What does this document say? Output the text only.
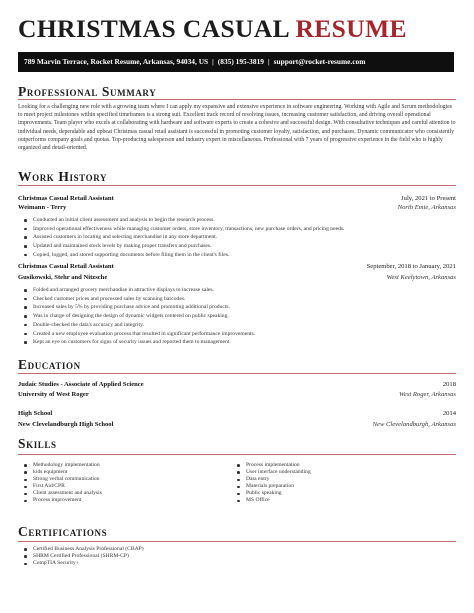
CHRISTMAS CASUAL RESUME
789 Marvin Terrace, Rocket Resume, Arkansas, 94034, US | (835) 195-3819 | support@rocket-resume.com
Professional Summary
Looking for a challenging new role with a growing team where I can apply my expansive and extensive experience in software engineering. Working with Agile and Scrum methodologies to meet project milestones within specified timeframes is a strong suit. Excellent track record of resolving issues, increasing customer satisfaction, and driving overall operational improvements. Team player who excels at collaborating with hardware and software experts to create a cohesive and successful design. With consultative techniques and careful attention to individual needs, dependable and upbeat Christmas casual retail assistant is successful in promoting customer loyalty, satisfaction, and purchases. Dynamic communicator who consistently outperforms company goals and quotas. Top-producing salesperson and industry expert in miscellaneous. Professional with 7 years of progressive experience in the field who is highly organized and detail-oriented.
Work History
Christmas Casual Retail Assistant	July, 2021 to Present
Weimann - Terry	North Emie, Arkansas
Conducted an initial client assessment and analysis to begin the research process.
Improved operational effectiveness while managing customer orders, store inventory, transactions, new purchase orders, and pricing needs.
Assisted customers in locating and selecting merchandise in any store department.
Updated and maintained stock levels by making proper transfers and purchases.
Copied, logged, and stored supporting documents before filing them in the client's files.
Christmas Casual Retail Assistant	September, 2018 to January, 2021
Gusikowski, Stehr and Nitzsche	West Keelytown, Arkansas
Folded and arranged grocery merchandise in attractive displays to increase sales.
Checked customer prices and processed sales by scanning barcodes.
Increased sales by 5% by providing purchase advice and promoting additional products.
Was in charge of designing the design of dynamic widgets centered on public speaking.
Double-checked the data's accuracy and integrity.
Created a new employee evaluation process that resulted in significant performance improvements.
Kept an eye on customers for signs of security issues and reported them to management.
Education
Judaic Studies - Associate of Applied Science	2018
University of West Roger	West Roger, Arkansas
High School	2014
New Clevelandburgh High School	New Clevelandburgh, Arkansas
Skills
Methodology implementation
kids equipment
Strong verbal communication
First Aid/CPR
Client assessment and analysis
Process improvement
Process implementation
User interface understanding
Data entry
Materials preparation
Public speaking
MS Office
Certifications
Certified Business Analysis Professional (CBAP)
SHRM Certified Professional (SHRM-CP)
CompTIA Security+
